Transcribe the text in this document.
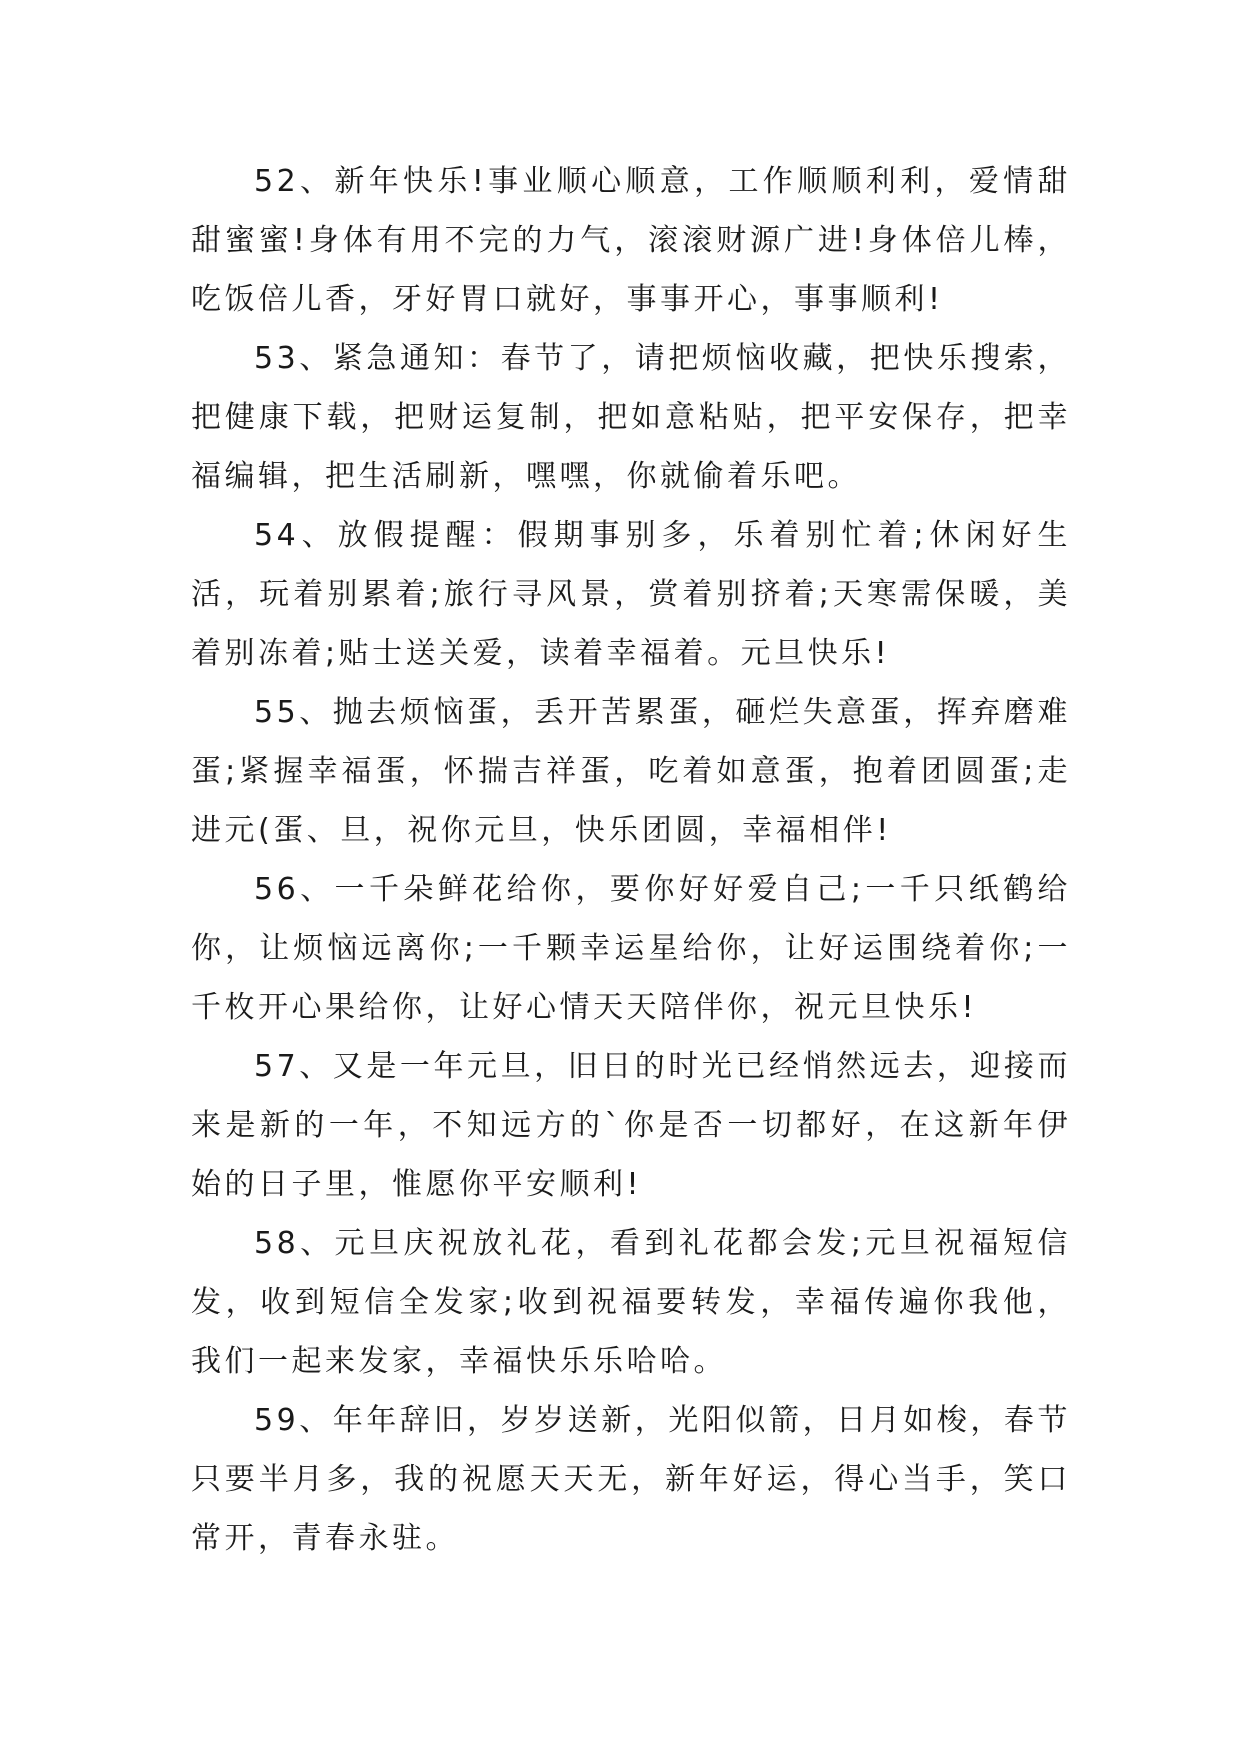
52、新年快乐!事业顺心顺意，工作顺顺利利，爱情甜甜蜜蜜!身体有用不完的力气，滚滚财源广进!身体倍儿棒，吃饭倍儿香，牙好胃口就好，事事开心，事事顺利!

53、紧急通知：春节了，请把烦恼收藏，把快乐搜索，把健康下载，把财运复制，把如意粘贴，把平安保存，把幸福编辑，把生活刷新，嘿嘿，你就偷着乐吧。

54、放假提醒：假期事别多，乐着别忙着;休闲好生活，玩着别累着;旅行寻风景，赏着别挤着;天寒需保暖，美着别冻着;贴士送关爱，读着幸福着。元旦快乐!

55、抛去烦恼蛋，丢开苦累蛋，砸烂失意蛋，挥弃磨难蛋;紧握幸福蛋，怀揣吉祥蛋，吃着如意蛋，抱着团圆蛋;走进元(蛋、旦，祝你元旦，快乐团圆，幸福相伴!

56、一千朵鲜花给你，要你好好爱自己;一千只纸鹤给你，让烦恼远离你;一千颗幸运星给你，让好运围绕着你;一千枚开心果给你，让好心情天天陪伴你，祝元旦快乐!

57、又是一年元旦，旧日的时光已经悄然远去，迎接而来是新的一年，不知远方的`你是否一切都好，在这新年伊始的日子里，惟愿你平安顺利!

58、元旦庆祝放礼花，看到礼花都会发;元旦祝福短信发，收到短信全发家;收到祝福要转发，幸福传遍你我他，我们一起来发家，幸福快乐乐哈哈。

59、年年辞旧，岁岁送新，光阳似箭，日月如梭，春节只要半月多，我的祝愿天天无，新年好运，得心当手，笑口常开，青春永驻。
